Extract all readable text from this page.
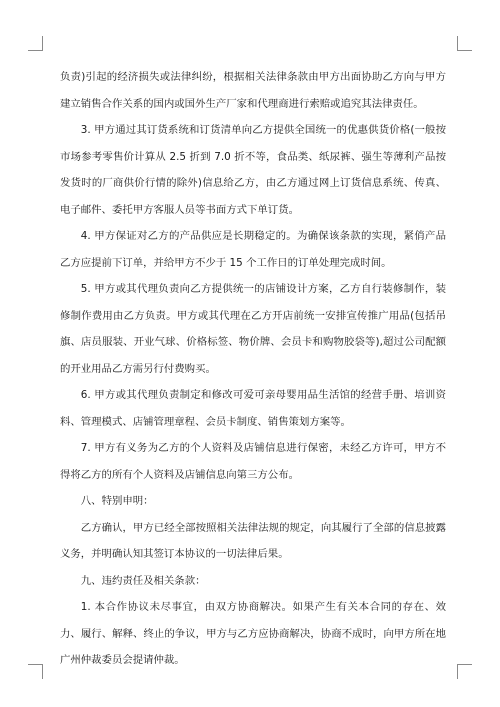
负责)引起的经济损失或法律纠纷，根据相关法律条款由甲方出面协助乙方向与甲方建立销售合作关系的国内或国外生产厂家和代理商进行索赔或追究其法律责任。

3. 甲方通过其订货系统和订货清单向乙方提供全国统一的优惠供货价格(一般按市场参考零售价计算从 2.5 折到 7.0 折不等，食品类、纸尿裤、强生等薄利产品按发货时的厂商供价行情的除外)信息给乙方，由乙方通过网上订货信息系统、传真、电子邮件、委托甲方客服人员等书面方式下单订货。

4. 甲方保证对乙方的产品供应是长期稳定的。为确保该条款的实现，紧俏产品乙方应提前下订单，并给甲方不少于 15 个工作日的订单处理完成时间。

5. 甲方或其代理负责向乙方提供统一的店铺设计方案，乙方自行装修制作，装修制作费用由乙方负责。甲方或其代理在乙方开店前统一安排宣传推广用品(包括吊旗、店员服装、开业气球、价格标签、物价牌、会员卡和购物胶袋等),超过公司配额的开业用品乙方需另行付费购买。

6. 甲方或其代理负责制定和修改可爱可亲母婴用品生活馆的经营手册、培训资料、管理模式、店铺管理章程、会员卡制度、销售策划方案等。

7. 甲方有义务为乙方的个人资料及店铺信息进行保密，未经乙方许可，甲方不得将乙方的所有个人资料及店铺信息向第三方公布。

八、特别申明：

乙方确认，甲方已经全部按照相关法律法规的规定，向其履行了全部的信息披露义务，并明确认知其签订本协议的一切法律后果。

九、违约责任及相关条款：

1. 本合作协议未尽事宜，由双方协商解决。如果产生有关本合同的存在、效力、履行、解释、终止的争议，甲方与乙方应协商解决，协商不成时，向甲方所在地广州仲裁委员会提请仲裁。
